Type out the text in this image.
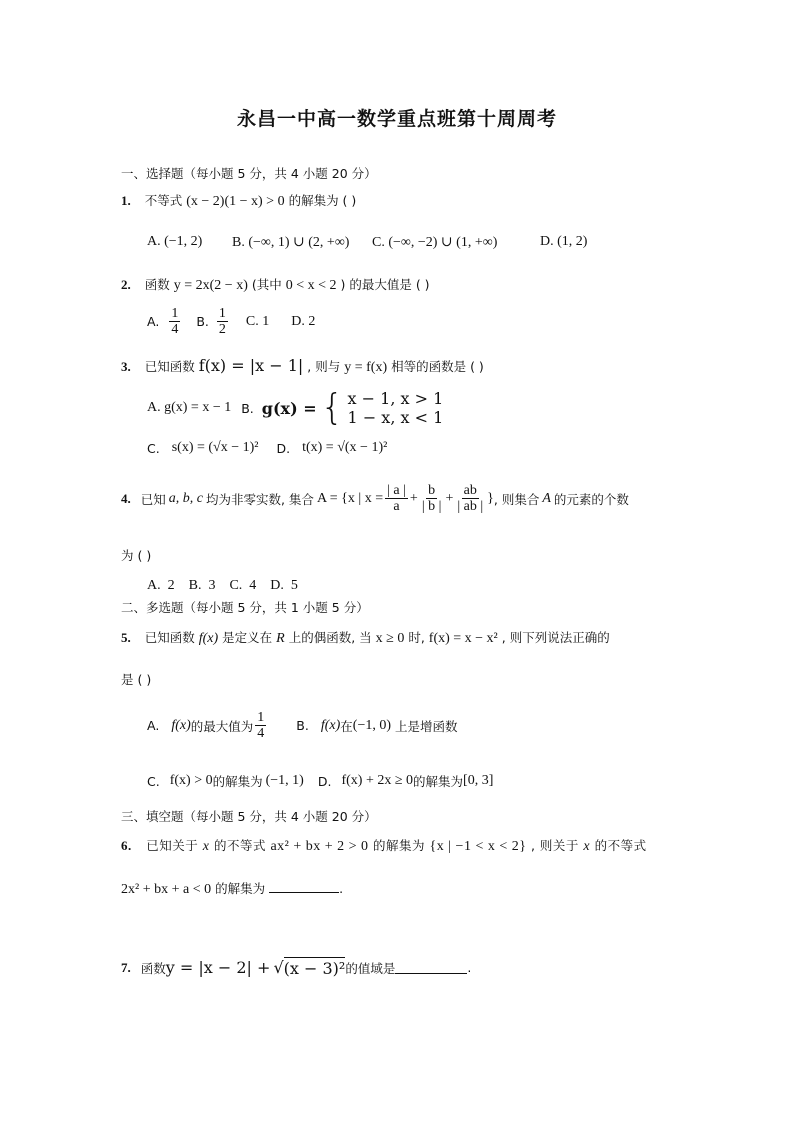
永昌一中高一数学重点班第十周周考
一、选择题（每小题 5 分，共 4 小题 20 分）
1. 不等式 (x − 2)(1 − x) > 0 的解集为 ( )
A. (−1, 2) B. (−∞, 1) ∪ (2, +∞) C. (−∞, −2) ∪ (1, +∞)	D. (1, 2)
2. 函数 y = 2x(2 − x) (其中 0 < x < 2 ) 的最大值是 ( )
A. $\frac{1}{4} B$. $\frac{1}{2} C$. 1 D. 2
3. 已知函数 f(x) = |x − 1| , 则与 y = f(x) 相等的函数是 ( )
A. g(x) = x − 1 B. g(x) = { x − 1, x > 1
1 − x, x < 1
C. s(x) = (√x − 1)² D. t(x) = √(x − 1)²
4. 已知 a, b, c 均为非零实数, 集合 A = {x | $x = \frac{| a |}{a} + \frac{b}{| b |} + \frac{ab}{| ab |}$ } , 则集合 A 的元素的个数
为 ( )
A.  2    B.  3    C.  4    D.  5
二、多选题（每小题 5 分，共 1 小题 5 分）
5. 已知函数 f(x) 是定义在 R 上的偶函数, 当 x ≥ 0 时, f(x) = x − x² , 则下列说法正确的
是 ( )
A. f(x) 的最大值为 $\frac{1}{4} B$. f(x) 在 (−1, 0) 上是增函数
C. f(x) > 0 的解集为 (−1, 1) D. f(x) + 2x ≥ 0 的解集为 [0, 3]
三、填空题（每小题 5 分，共 4 小题 20 分）
6. 已知关于 x 的不等式 ax² + bx + 2 > 0 的解集为 {x | −1 < x < 2} , 则关于 x 的不等式
2x² + bx + a < 0 的解集为	.
7. 函数 y = |x − 2| + √ (x − 3)² 的值域是	.
